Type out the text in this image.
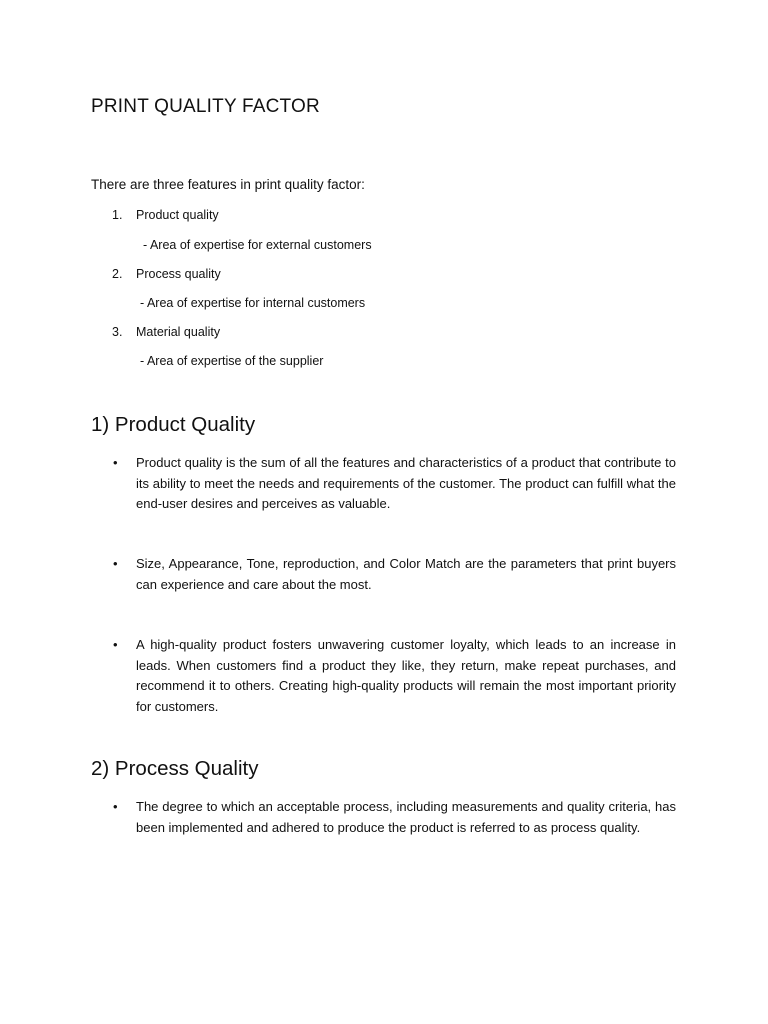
PRINT QUALITY FACTOR

There are three features in print quality factor:

1. Product quality

- Area of expertise for external customers

2. Process quality

- Area of expertise for internal customers

3. Material quality

- Area of expertise of the supplier

1) Product Quality
• Product quality is the sum of all the features and characteristics of a product that contribute to its ability to meet the needs and requirements of the customer. The product can fulfill what the end-user desires and perceives as valuable.
• Size, Appearance, Tone, reproduction, and Color Match are the parameters that print buyers can experience and care about the most.
• A high-quality product fosters unwavering customer loyalty, which leads to an increase in leads. When customers find a product they like, they return, make repeat purchases, and recommend it to others. Creating high-quality products will remain the most important priority for customers.
2) Process Quality
• The degree to which an acceptable process, including measurements and quality criteria, has been implemented and adhered to produce the product is referred to as process quality.
